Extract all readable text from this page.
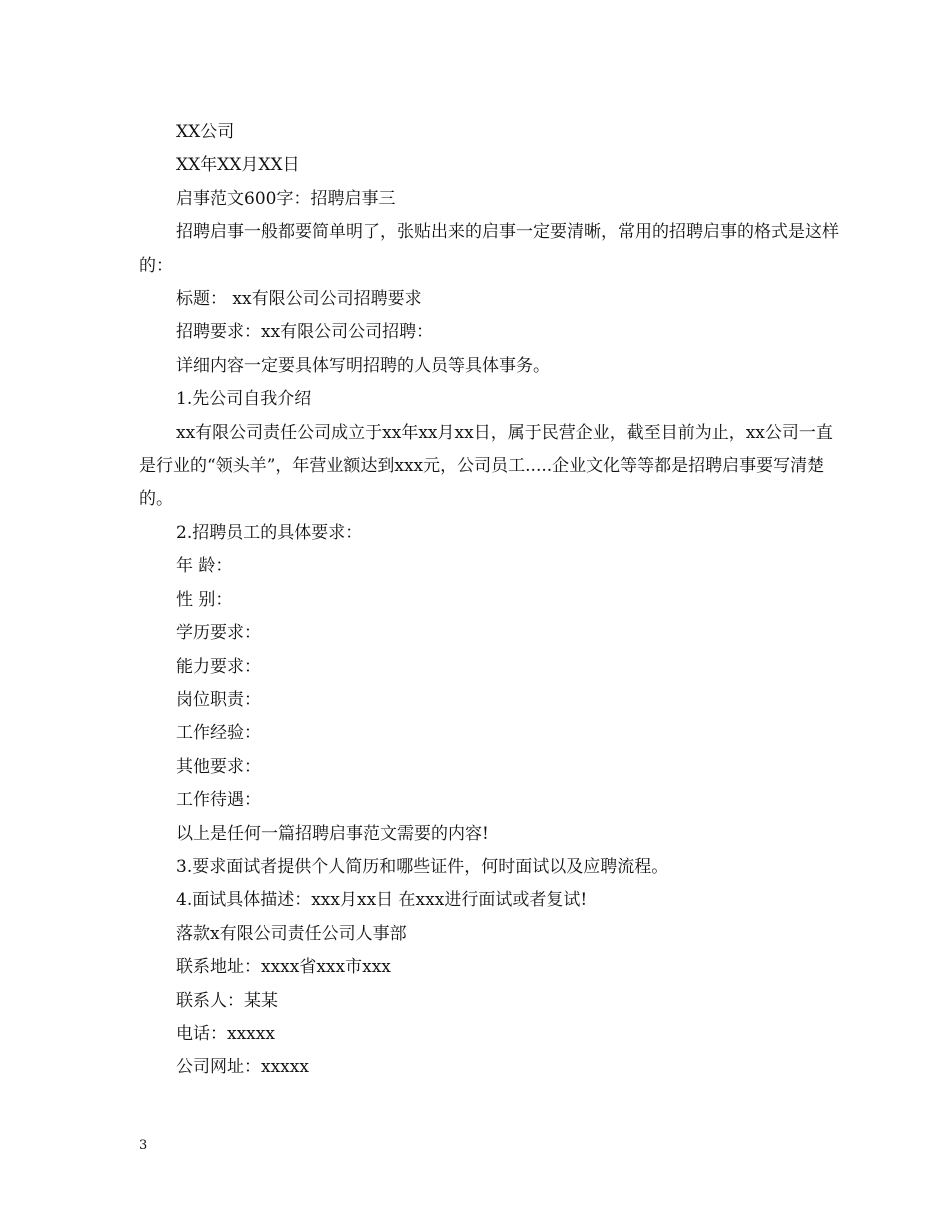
XX公司

XX年XX月XX日

启事范文600字：招聘启事三

招聘启事一般都要简单明了，张贴出来的启事一定要清晰，常用的招聘启事的格式是这样的：

标题： xx有限公司公司招聘要求

招聘要求：xx有限公司公司招聘：

详细内容一定要具体写明招聘的人员等具体事务。

1.先公司自我介绍

xx有限公司责任公司成立于xx年xx月xx日，属于民营企业，截至目前为止，xx公司一直是行业的“领头羊”，年营业额达到xxx元，公司员工.....企业文化等等都是招聘启事要写清楚的。

2.招聘员工的具体要求：

年 龄：

性 别：

学历要求：

能力要求：

岗位职责：

工作经验：

其他要求：

工作待遇：

以上是任何一篇招聘启事范文需要的内容!

3.要求面试者提供个人简历和哪些证件，何时面试以及应聘流程。

4.面试具体描述：xxx月xx日 在xxx进行面试或者复试!

落款x有限公司责任公司人事部

联系地址：xxxx省xxx市xxx

联系人：某某

电话：xxxxx

公司网址：xxxxx

3
